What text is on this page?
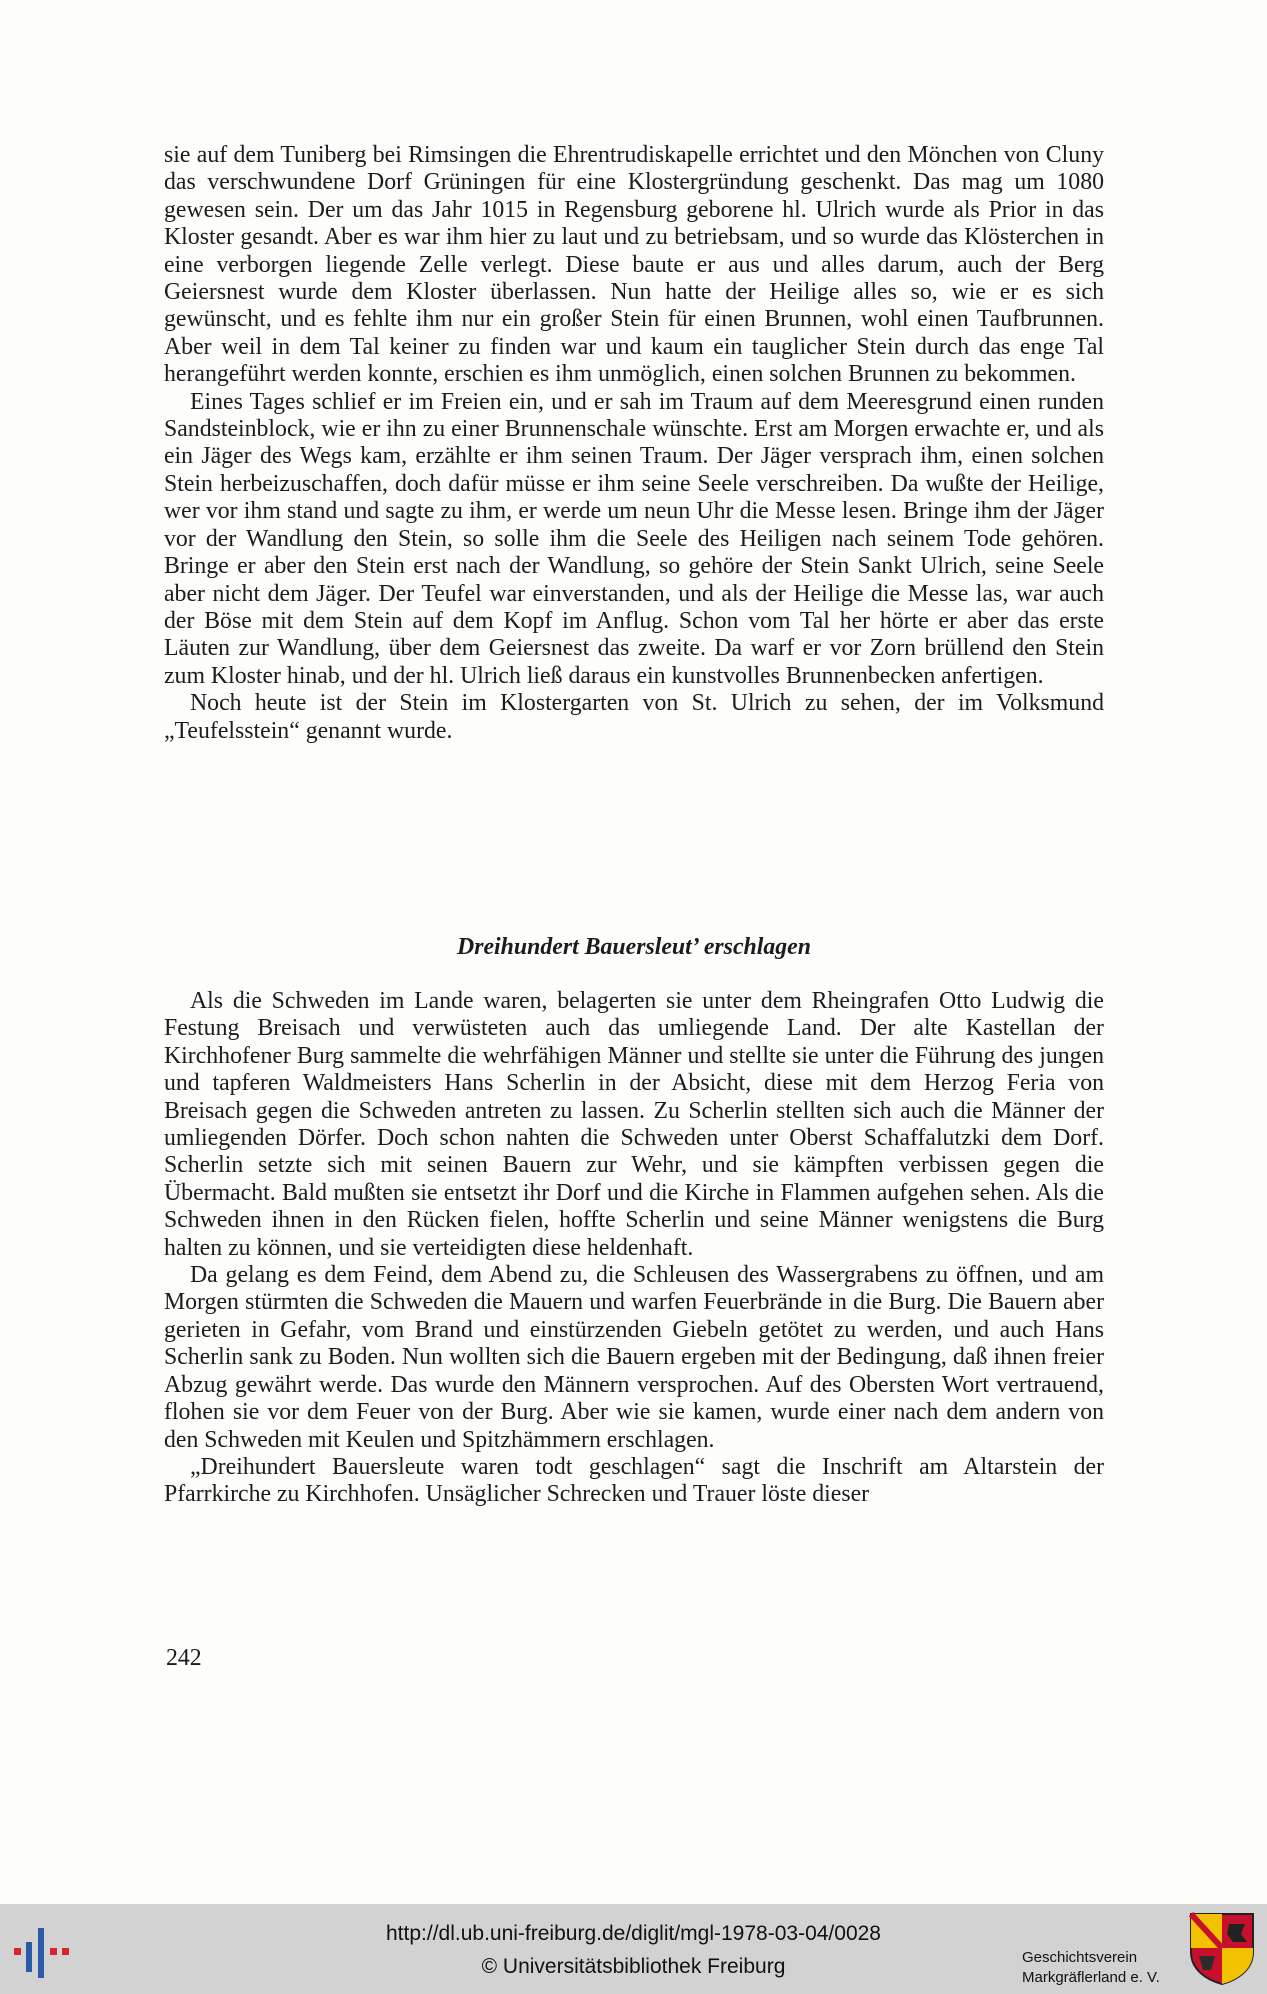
sie auf dem Tuniberg bei Rimsingen die Ehrentrudiskapelle errichtet und den Mönchen von Cluny das verschwundene Dorf Grüningen für eine Klostergründung geschenkt. Das mag um 1080 gewesen sein. Der um das Jahr 1015 in Regensburg geborene hl. Ulrich wurde als Prior in das Kloster gesandt. Aber es war ihm hier zu laut und zu betriebsam, und so wurde das Klösterchen in eine verborgen liegende Zelle verlegt. Diese baute er aus und alles darum, auch der Berg Geiersnest wurde dem Kloster überlassen. Nun hatte der Heilige alles so, wie er es sich gewünscht, und es fehlte ihm nur ein großer Stein für einen Brunnen, wohl einen Taufbrunnen. Aber weil in dem Tal keiner zu finden war und kaum ein tauglicher Stein durch das enge Tal herangeführt werden konnte, erschien es ihm unmöglich, einen solchen Brunnen zu bekommen.

Eines Tages schlief er im Freien ein, und er sah im Traum auf dem Meeresgrund einen runden Sandsteinblock, wie er ihn zu einer Brunnenschale wünschte. Erst am Morgen erwachte er, und als ein Jäger des Wegs kam, erzählte er ihm seinen Traum. Der Jäger versprach ihm, einen solchen Stein herbeizuschaffen, doch dafür müsse er ihm seine Seele verschreiben. Da wußte der Heilige, wer vor ihm stand und sagte zu ihm, er werde um neun Uhr die Messe lesen. Bringe ihm der Jäger vor der Wandlung den Stein, so solle ihm die Seele des Heiligen nach seinem Tode gehören. Bringe er aber den Stein erst nach der Wandlung, so gehöre der Stein Sankt Ulrich, seine Seele aber nicht dem Jäger. Der Teufel war einverstanden, und als der Heilige die Messe las, war auch der Böse mit dem Stein auf dem Kopf im Anflug. Schon vom Tal her hörte er aber das erste Läuten zur Wandlung, über dem Geiersnest das zweite. Da warf er vor Zorn brüllend den Stein zum Kloster hinab, und der hl. Ulrich ließ daraus ein kunstvolles Brunnenbecken anfertigen.

Noch heute ist der Stein im Klostergarten von St. Ulrich zu sehen, der im Volksmund „Teufelsstein“ genannt wurde.

Dreihundert Bauersleut’ erschlagen

Als die Schweden im Lande waren, belagerten sie unter dem Rheingrafen Otto Ludwig die Festung Breisach und verwüsteten auch das umliegende Land. Der alte Kastellan der Kirchhofener Burg sammelte die wehrfähigen Männer und stellte sie unter die Führung des jungen und tapferen Waldmeisters Hans Scherlin in der Absicht, diese mit dem Herzog Feria von Breisach gegen die Schweden antreten zu lassen. Zu Scherlin stellten sich auch die Männer der umliegenden Dörfer. Doch schon nahten die Schweden unter Oberst Schaffalutzki dem Dorf. Scherlin setzte sich mit seinen Bauern zur Wehr, und sie kämpften verbissen gegen die Übermacht. Bald mußten sie entsetzt ihr Dorf und die Kirche in Flammen aufgehen sehen. Als die Schweden ihnen in den Rücken fielen, hoffte Scherlin und seine Männer wenigstens die Burg halten zu können, und sie verteidigten diese heldenhaft.

Da gelang es dem Feind, dem Abend zu, die Schleusen des Wassergrabens zu öffnen, und am Morgen stürmten die Schweden die Mauern und warfen Feuerbrände in die Burg. Die Bauern aber gerieten in Gefahr, vom Brand und einstürzenden Giebeln getötet zu werden, und auch Hans Scherlin sank zu Boden. Nun wollten sich die Bauern ergeben mit der Bedingung, daß ihnen freier Abzug gewährt werde. Das wurde den Männern versprochen. Auf des Obersten Wort vertrauend, flohen sie vor dem Feuer von der Burg. Aber wie sie kamen, wurde einer nach dem andern von den Schweden mit Keulen und Spitzhämmern erschlagen.

„Dreihundert Bauersleute waren todt geschlagen“ sagt die Inschrift am Altarstein der Pfarrkirche zu Kirchhofen. Unsäglicher Schrecken und Trauer löste dieser

242
http://dl.ub.uni-freiburg.de/diglit/mgl-1978-03-04/0028
© Universitätsbibliothek Freiburg	Geschichtsverein
Markgräflerland e. V.
